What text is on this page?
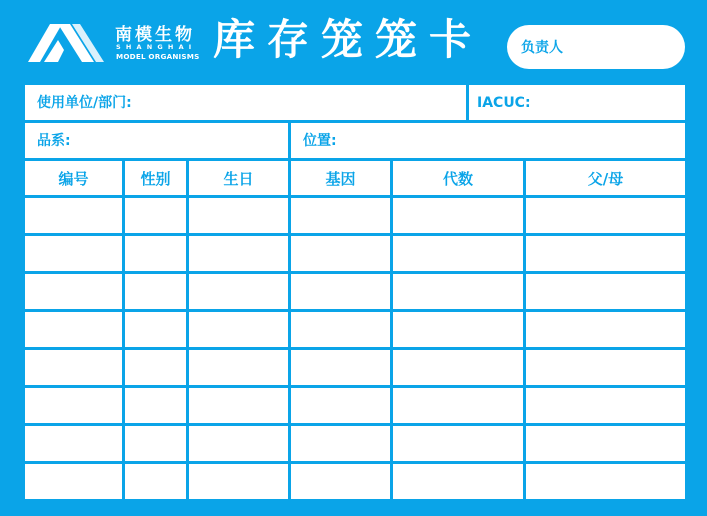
南模生物
SHANGHAI
MODEL ORGANISMS 库存笼笼卡	负责人
使用单位/部门:	IACUC:
品系:	位置:
编号	性别	生日	基因	代数	父/母
